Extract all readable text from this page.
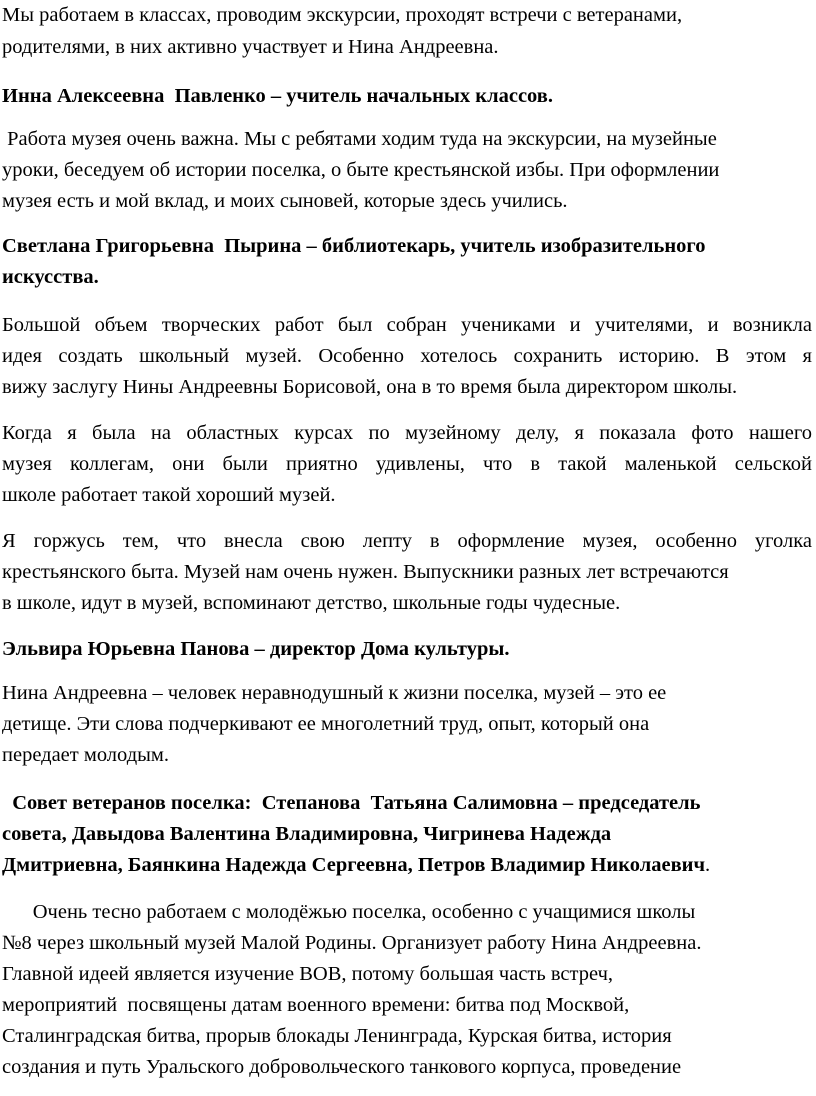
Мы работаем в классах, проводим экскурсии, проходят встречи с ветеранами,

родителями, в них активно участвует и Нина Андреевна.

Инна Алексеевна  Павленко – учитель начальных классов.

Работа музея очень важна. Мы с ребятами ходим туда на экскурсии, на музейные

уроки, беседуем об истории поселка, о быте крестьянской избы. При оформлении

музея есть и мой вклад, и моих сыновей, которые здесь учились.

Светлана Григорьевна  Пырина – библиотекарь, учитель изобразительного

искусства.

Большой объем творческих работ был собран учениками и учителями, и возникла

идея создать школьный музей. Особенно хотелось сохранить историю. В этом я

вижу заслугу Нины Андреевны Борисовой, она в то время была директором школы.

Когда я была на областных курсах по музейному делу, я показала фото нашего

музея коллегам, они были приятно удивлены, что в такой маленькой сельской

школе работает такой хороший музей.

Я горжусь тем, что внесла свою лепту в оформление музея, особенно уголка

крестьянского быта. Музей нам очень нужен. Выпускники разных лет встречаются

в школе, идут в музей, вспоминают детство, школьные годы чудесные.

Эльвира Юрьевна Панова – директор Дома культуры.

Нина Андреевна – человек неравнодушный к жизни поселка, музей – это ее

детище. Эти слова подчеркивают ее многолетний труд, опыт, который она

передает молодым.

Совет ветеранов поселка:  Степанова  Татьяна Салимовна – председатель

совета, Давыдова Валентина Владимировна, Чигринева Надежда

Дмитриевна, Баянкина Надежда Сергеевна, Петров Владимир Николаевич.

Очень тесно работаем с молодёжью поселка, особенно с учащимися школы

№8 через школьный музей Малой Родины. Организует работу Нина Андреевна.

Главной идеей является изучение ВОВ, потому большая часть встреч,

мероприятий  посвящены датам военного времени: битва под Москвой,

Сталинградская битва, прорыв блокады Ленинграда, Курская битва, история

создания и путь Уральского добровольческого танкового корпуса, проведение
